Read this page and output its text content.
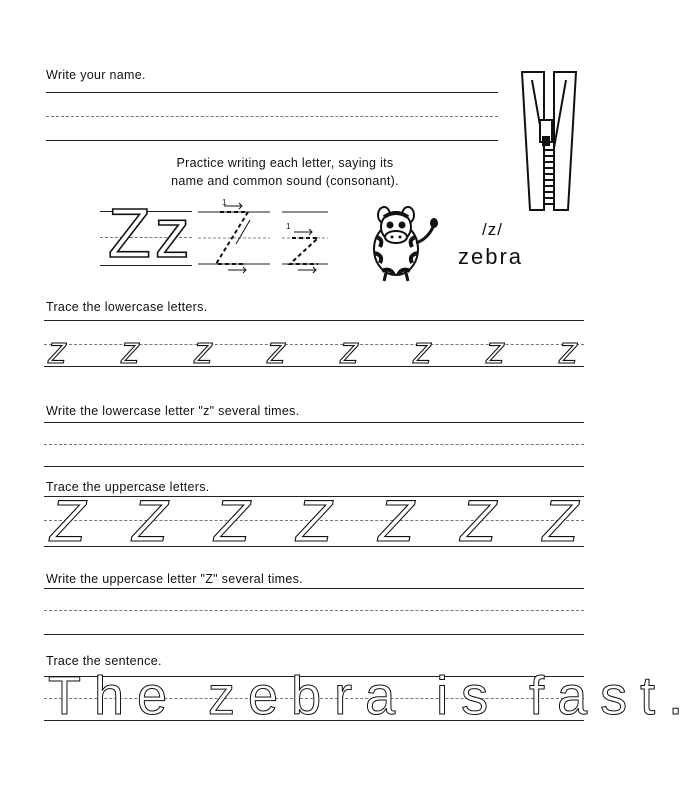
Write your name.
Practice writing each letter, saying its
name and common sound (consonant).
Zz	1
1	/z/
zebra
Trace the lowercase letters.
z z z z z z z z
Write the lowercase letter "z" several times.
Trace the uppercase letters.
Z Z Z Z Z Z Z
Write the uppercase letter "Z" several times.
Trace the sentence.
The zebra is fast.
